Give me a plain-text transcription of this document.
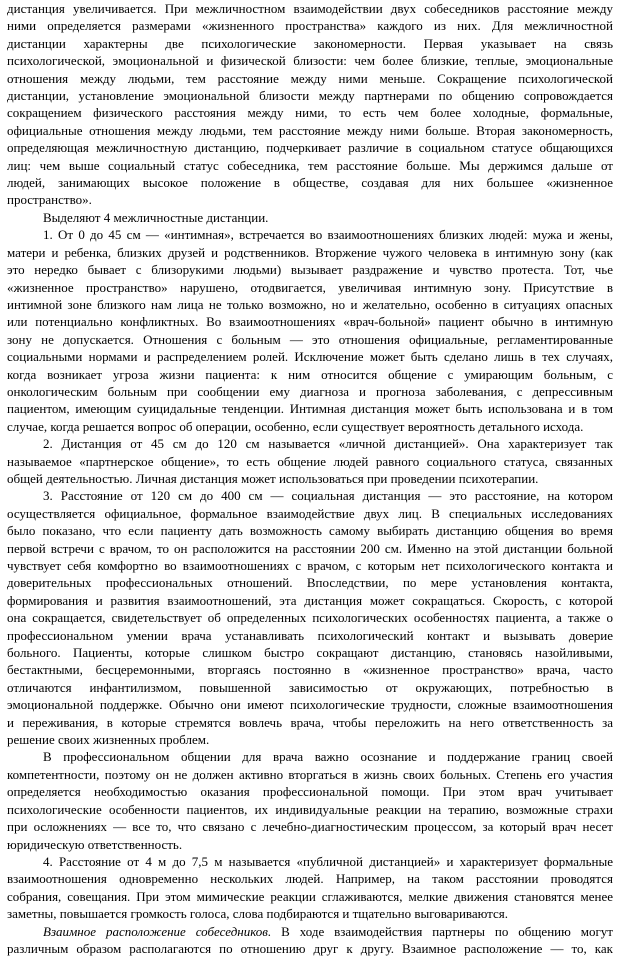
дистанция увеличивается. При межличностном взаимодействии двух собеседников расстояние между

ними определяется размерами «жизненного пространства» каждого из них. Для межличностной

дистанции характерны две психологические закономерности. Первая указывает на связь

психологической, эмоциональной и физической близости: чем более близкие, теплые, эмоциональные

отношения между людьми, тем расстояние между ними меньше. Сокращение психологической

дистанции, установление эмоциональной близости между партнерами по общению сопровождается

сокращением физического расстояния между ними, то есть чем более холодные, формальные,

официальные отношения между людьми, тем расстояние между ними больше. Вторая закономерность,

определяющая межличностную дистанцию, подчеркивает различие в социальном статусе общающихся

лиц: чем выше социальный статус собеседника, тем расстояние больше. Мы держимся дальше от

людей, занимающих высокое положение в обществе, создавая для них большее «жизненное

пространство».

Выделяют 4 межличностные дистанции.

1. От 0 до 45 см — «интимная», встречается во взаимоотношениях близких людей: мужа и жены,

матери и ребенка, близких друзей и родственников. Вторжение чужого человека в интимную зону (как

это нередко бывает с близорукими людьми) вызывает раздражение и чувство протеста. Тот, чье

«жизненное пространство» нарушено, отодвигается, увеличивая интимную зону. Присутствие в

интимной зоне близкого нам лица не только возможно, но и желательно, особенно в ситуациях опасных

или потенциально конфликтных. Во взаимоотношениях «врач-больной» пациент обычно в интимную

зону не допускается. Отношения с больным — это отношения официальные, регламентированные

социальными нормами и распределением ролей. Исключение может быть сделано лишь в тех случаях,

когда возникает угроза жизни пациента: к ним относится общение с умирающим больным, с

онкологическим больным при сообщении ему диагноза и прогноза заболевания, с депрессивным

пациентом, имеющим суицидальные тенденции. Интимная дистанция может быть использована и в том

случае, когда решается вопрос об операции, особенно, если существует вероятность детального исхода.

2. Дистанция от 45 см до 120 см называется «личной дистанцией». Она характеризует так

называемое «партнерское общение», то есть общение людей равного социального статуса, связанных

общей деятельностью. Личная дистанция может использоваться при проведении психотерапии.

3. Расстояние от 120 см до 400 см — социальная дистанция — это расстояние, на котором

осуществляется официальное, формальное взаимодействие двух лиц. В специальных исследованиях

было показано, что если пациенту дать возможность самому выбирать дистанцию общения во время

первой встречи с врачом, то он расположится на расстоянии 200 см. Именно на этой дистанции больной

чувствует себя комфортно во взаимоотношениях с врачом, с которым нет психологического контакта и

доверительных профессиональных отношений. Впоследствии, по мере установления контакта,

формирования и развития взаимоотношений, эта дистанция может сокращаться. Скорость, с которой

она сокращается, свидетельствует об определенных психологических особенностях пациента, а также о

профессиональном умении врача устанавливать психологический контакт и вызывать доверие

больного. Пациенты, которые слишком быстро сокращают дистанцию, становясь назойливыми,

бестактными, бесцеремонными, вторгаясь постоянно в «жизненное пространство» врача, часто

отличаются инфантилизмом, повышенной зависимостью от окружающих, потребностью в

эмоциональной поддержке. Обычно они имеют психологические трудности, сложные взаимоотношения

и переживания, в которые стремятся вовлечь врача, чтобы переложить на него ответственность за

решение своих жизненных проблем.

В профессиональном общении для врача важно осознание и поддержание границ своей

компетентности, поэтому он не должен активно вторгаться в жизнь своих больных. Степень его участия

определяется необходимостью оказания профессиональной помощи. При этом врач учитывает

психологические особенности пациентов, их индивидуальные реакции на терапию, возможные страхи

при осложнениях — все то, что связано с лечебно-диагностическим процессом, за который врач несет

юридическую ответственность.

4. Расстояние от 4 м до 7,5 м называется «публичной дистанцией» и характеризует формальные

взаимоотношения одновременно нескольких людей. Например, на таком расстоянии проводятся

собрания, совещания. При этом мимические реакции сглаживаются, мелкие движения становятся менее

заметны, повышается громкость голоса, слова подбираются и тщательно выговариваются.

Взаимное расположение собеседников. В ходе взаимодействия партнеры по общению могут

различным образом располагаются по отношению друг к другу. Взаимное расположение — то, как
